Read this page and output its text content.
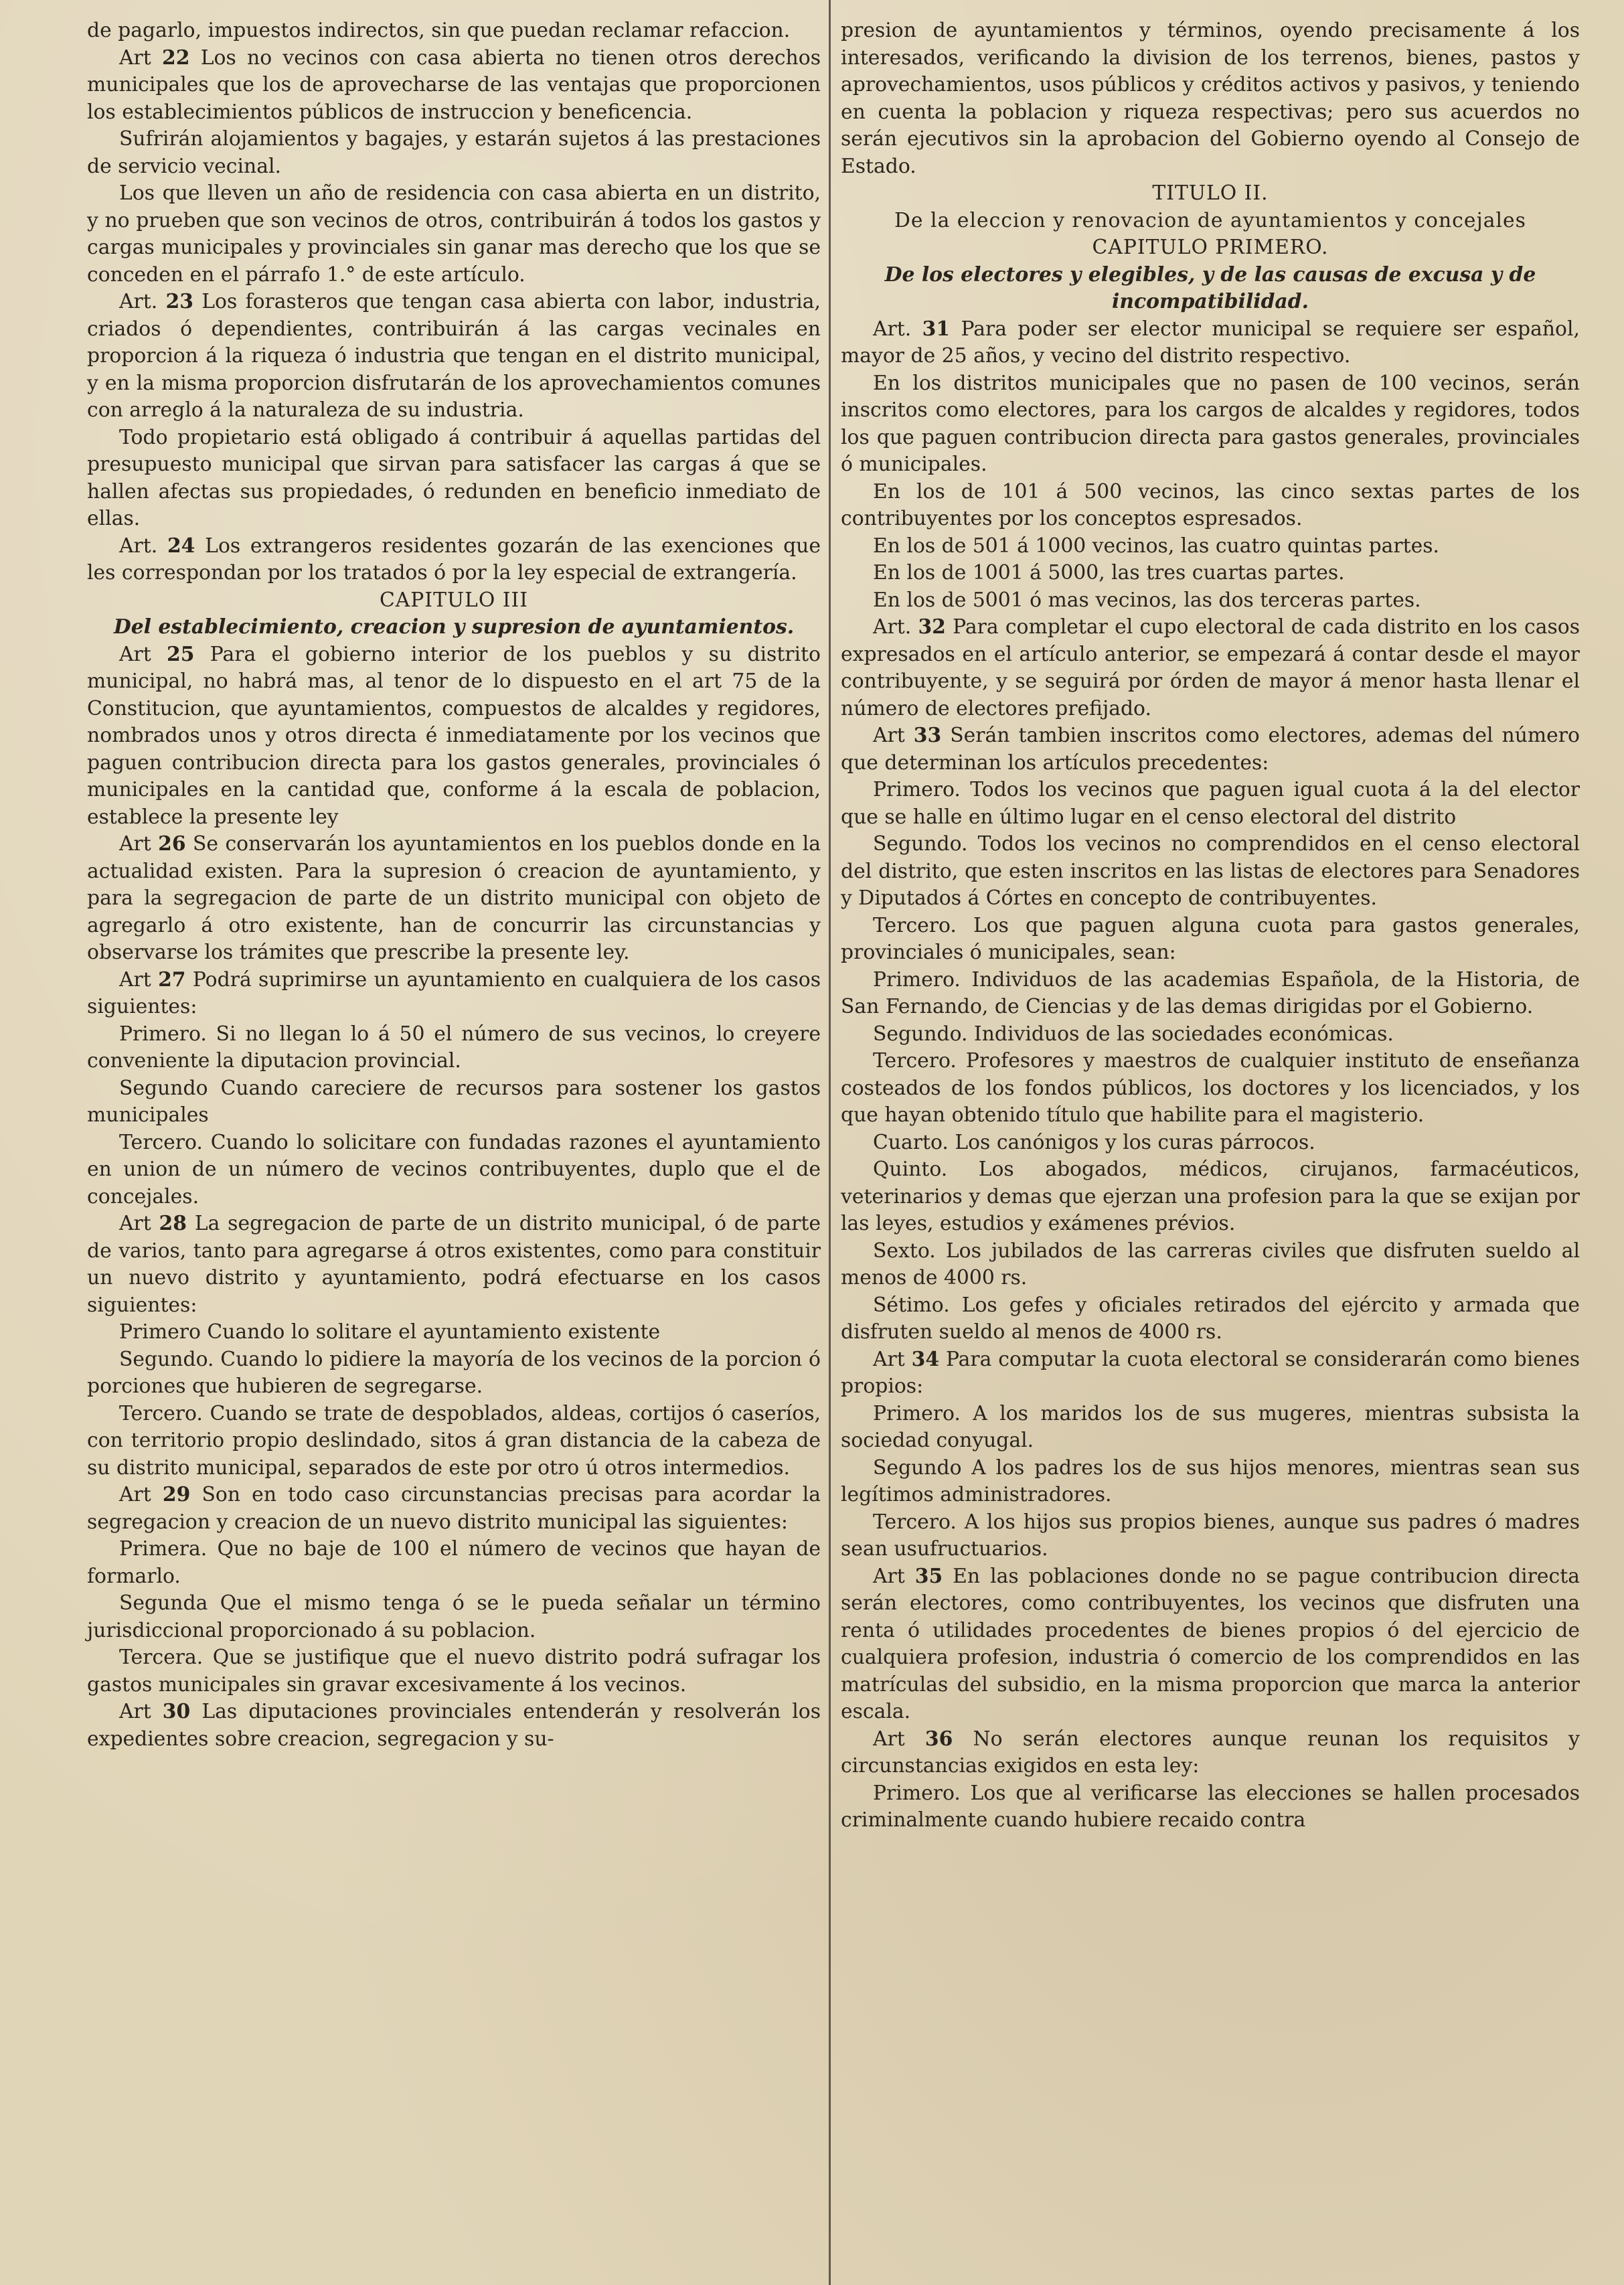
de pagarlo, impuestos indirectos, sin que puedan reclamar refaccion.

Art 22 Los no vecinos con casa abierta no tienen otros derechos municipales que los de aprovecharse de las ventajas que proporcionen los establecimientos públicos de instruccion y beneficencia.

Sufrirán alojamientos y bagajes, y estarán sujetos á las prestaciones de servicio vecinal.

Los que lleven un año de residencia con casa abierta en un distrito, y no prueben que son vecinos de otros, contribuirán á todos los gastos y cargas municipales y provinciales sin ganar mas derecho que los que se conceden en el párrafo 1.° de este artículo.

Art. 23 Los forasteros que tengan casa abierta con labor, industria, criados ó dependientes, contribuirán á las cargas vecinales en proporcion á la riqueza ó industria que tengan en el distrito municipal, y en la misma proporcion disfrutarán de los aprovechamientos comunes con arreglo á la naturaleza de su industria.

Todo propietario está obligado á contribuir á aquellas partidas del presupuesto municipal que sirvan para satisfacer las cargas á que se hallen afectas sus propiedades, ó redunden en beneficio inmediato de ellas.

Art. 24 Los extrangeros residentes gozarán de las exenciones que les correspondan por los tratados ó por la ley especial de extrangería.

CAPITULO III

Del establecimiento, creacion y supresion de ayuntamientos.

Art 25 Para el gobierno interior de los pueblos y su distrito municipal, no habrá mas, al tenor de lo dispuesto en el art 75 de la Constitucion, que ayuntamientos, compuestos de alcaldes y regidores, nombrados unos y otros directa é inmediatamente por los vecinos que paguen contribucion directa para los gastos generales, provinciales ó municipales en la cantidad que, conforme á la escala de poblacion, establece la presente ley

Art 26 Se conservarán los ayuntamientos en los pueblos donde en la actualidad existen. Para la supresion ó creacion de ayuntamiento, y para la segregacion de parte de un distrito municipal con objeto de agregarlo á otro existente, han de concurrir las circunstancias y observarse los trámites que prescribe la presente ley.

Art 27 Podrá suprimirse un ayuntamiento en cualquiera de los casos siguientes:

Primero. Si no llegan lo á 50 el número de sus vecinos, lo creyere conveniente la diputacion provincial.

Segundo Cuando careciere de recursos para sostener los gastos municipales

Tercero. Cuando lo solicitare con fundadas razones el ayuntamiento en union de un número de vecinos contribuyentes, duplo que el de concejales.

Art 28 La segregacion de parte de un distrito municipal, ó de parte de varios, tanto para agregarse á otros existentes, como para constituir un nuevo distrito y ayuntamiento, podrá efectuarse en los casos siguientes:

Primero Cuando lo solitare el ayuntamiento existente

Segundo. Cuando lo pidiere la mayoría de los vecinos de la porcion ó porciones que hubieren de segregarse.

Tercero. Cuando se trate de despoblados, aldeas, cortijos ó caseríos, con territorio propio deslindado, sitos á gran distancia de la cabeza de su distrito municipal, separados de este por otro ú otros intermedios.

Art 29 Son en todo caso circunstancias precisas para acordar la segregacion y creacion de un nuevo distrito municipal las siguientes:

Primera. Que no baje de 100 el número de vecinos que hayan de formarlo.

Segunda Que el mismo tenga ó se le pueda señalar un término jurisdiccional proporcionado á su poblacion.

Tercera. Que se justifique que el nuevo distrito podrá sufragar los gastos municipales sin gravar excesivamente á los vecinos.

Art 30 Las diputaciones provinciales entenderán y resolverán los expedientes sobre creacion, segregacion y su-

presion de ayuntamientos y términos, oyendo precisamente á los interesados, verificando la division de los terrenos, bienes, pastos y aprovechamientos, usos públicos y créditos activos y pasivos, y teniendo en cuenta la poblacion y riqueza respectivas; pero sus acuerdos no serán ejecutivos sin la aprobacion del Gobierno oyendo al Consejo de Estado.

TITULO II.

De la eleccion y renovacion de ayuntamientos y concejales

CAPITULO PRIMERO.

De los electores y elegibles, y de las causas de excusa y de incompatibilidad.

Art. 31 Para poder ser elector municipal se requiere ser español, mayor de 25 años, y vecino del distrito respectivo.

En los distritos municipales que no pasen de 100 vecinos, serán inscritos como electores, para los cargos de alcaldes y regidores, todos los que paguen contribucion directa para gastos generales, provinciales ó municipales.

En los de 101 á 500 vecinos, las cinco sextas partes de los contribuyentes por los conceptos espresados.

En los de 501 á 1000 vecinos, las cuatro quintas partes.

En los de 1001 á 5000, las tres cuartas partes.

En los de 5001 ó mas vecinos, las dos terceras partes.

Art. 32 Para completar el cupo electoral de cada distrito en los casos expresados en el artículo anterior, se empezará á contar desde el mayor contribuyente, y se seguirá por órden de mayor á menor hasta llenar el número de electores prefijado.

Art 33 Serán tambien inscritos como electores, ademas del número que determinan los artículos precedentes:

Primero. Todos los vecinos que paguen igual cuota á la del elector que se halle en último lugar en el censo electoral del distrito

Segundo. Todos los vecinos no comprendidos en el censo electoral del distrito, que esten inscritos en las listas de electores para Senadores y Diputados á Córtes en concepto de contribuyentes.

Tercero. Los que paguen alguna cuota para gastos generales, provinciales ó municipales, sean:

Primero. Individuos de las academias Española, de la Historia, de San Fernando, de Ciencias y de las demas dirigidas por el Gobierno.

Segundo. Individuos de las sociedades económicas.

Tercero. Profesores y maestros de cualquier instituto de enseñanza costeados de los fondos públicos, los doctores y los licenciados, y los que hayan obtenido título que habilite para el magisterio.

Cuarto. Los canónigos y los curas párrocos.

Quinto. Los abogados, médicos, cirujanos, farmacéuticos, veterinarios y demas que ejerzan una profesion para la que se exijan por las leyes, estudios y exámenes prévios.

Sexto. Los jubilados de las carreras civiles que disfruten sueldo al menos de 4000 rs.

Sétimo. Los gefes y oficiales retirados del ejército y armada que disfruten sueldo al menos de 4000 rs.

Art 34 Para computar la cuota electoral se considerarán como bienes propios:

Primero. A los maridos los de sus mugeres, mientras subsista la sociedad conyugal.

Segundo A los padres los de sus hijos menores, mientras sean sus legítimos administradores.

Tercero. A los hijos sus propios bienes, aunque sus padres ó madres sean usufructuarios.

Art 35 En las poblaciones donde no se pague contribucion directa serán electores, como contribuyentes, los vecinos que disfruten una renta ó utilidades procedentes de bienes propios ó del ejercicio de cualquiera profesion, industria ó comercio de los comprendidos en las matrículas del subsidio, en la misma proporcion que marca la anterior escala.

Art 36 No serán electores aunque reunan los requisitos y circunstancias exigidos en esta ley:

Primero. Los que al verificarse las elecciones se hallen procesados criminalmente cuando hubiere recaido contra
